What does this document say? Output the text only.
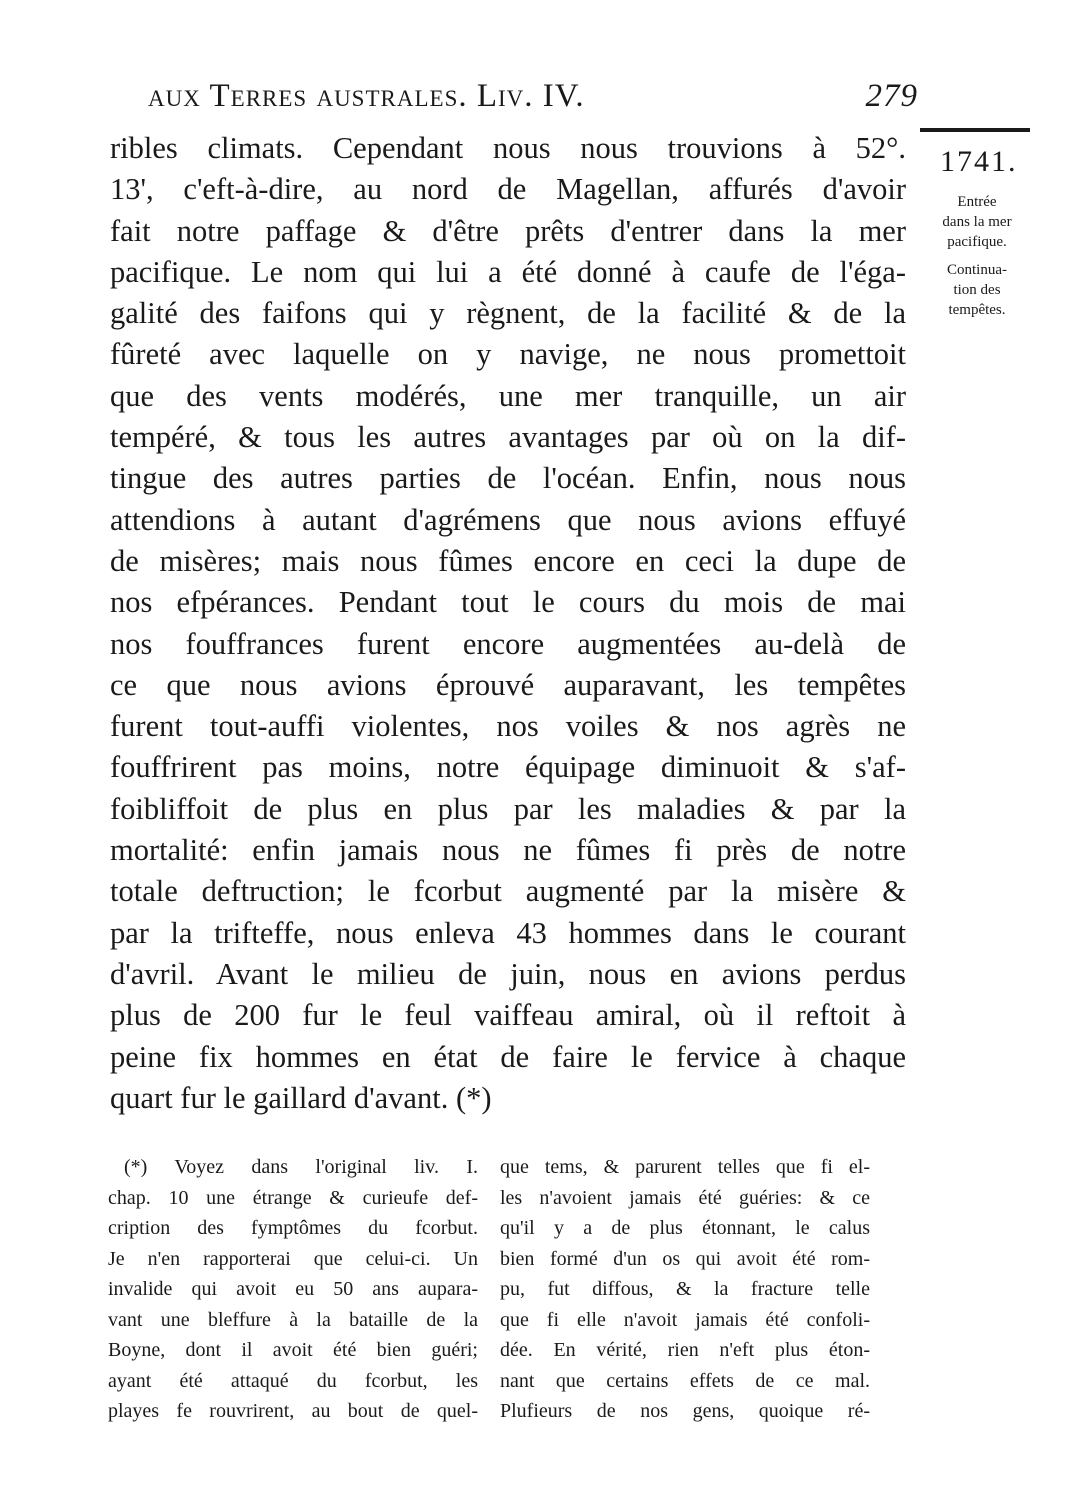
aux Terres australes. Liv. IV.	279
1741.
Entrée
dans la mer
pacifique.
Continua-
tion des
tempêtes.
ribles climats. Cependant nous nous trouvions à 52°.
13', c'eft-à-dire, au nord de Magellan, affurés d'avoir
fait notre paffage & d'être prêts d'entrer dans la mer
pacifique. Le nom qui lui a été donné à caufe de l'éga-
galité des faifons qui y règnent, de la facilité & de la
fûreté avec laquelle on y navige, ne nous promettoit
que des vents modérés, une mer tranquille, un air
tempéré, & tous les autres avantages par où on la dif-
tingue des autres parties de l'océan. Enfin, nous nous
attendions à autant d'agrémens que nous avions effuyé
de misères; mais nous fûmes encore en ceci la dupe de
nos efpérances. Pendant tout le cours du mois de mai
nos fouffrances furent encore augmentées au-delà de
ce que nous avions éprouvé auparavant, les tempêtes
furent tout-auffi violentes, nos voiles & nos agrès ne
fouffrirent pas moins, notre équipage diminuoit & s'af-
foibliffoit de plus en plus par les maladies & par la
mortalité: enfin jamais nous ne fûmes fi près de notre
totale deftruction; le fcorbut augmenté par la misère &
par la trifteffe, nous enleva 43 hommes dans le courant
d'avril. Avant le milieu de juin, nous en avions perdus
plus de 200 fur le feul vaiffeau amiral, où il reftoit à
peine fix hommes en état de faire le fervice à chaque
quart fur le gaillard d'avant. (*)
(*) Voyez dans l'original liv. I.
chap. 10 une étrange & curieufe def-
cription des fymptômes du fcorbut.
Je n'en rapporterai que celui-ci. Un
invalide qui avoit eu 50 ans aupara-
vant une bleffure à la bataille de la
Boyne, dont il avoit été bien guéri;
ayant été attaqué du fcorbut, les
playes fe rouvrirent, au bout de quel-
que tems, & parurent telles que fi el-
les n'avoient jamais été guéries: & ce
qu'il y a de plus étonnant, le calus
bien formé d'un os qui avoit été rom-
pu, fut diffous, & la fracture telle
que fi elle n'avoit jamais été confoli-
dée. En vérité, rien n'eft plus éton-
nant que certains effets de ce mal.
Plufieurs de nos gens, quoique ré-
